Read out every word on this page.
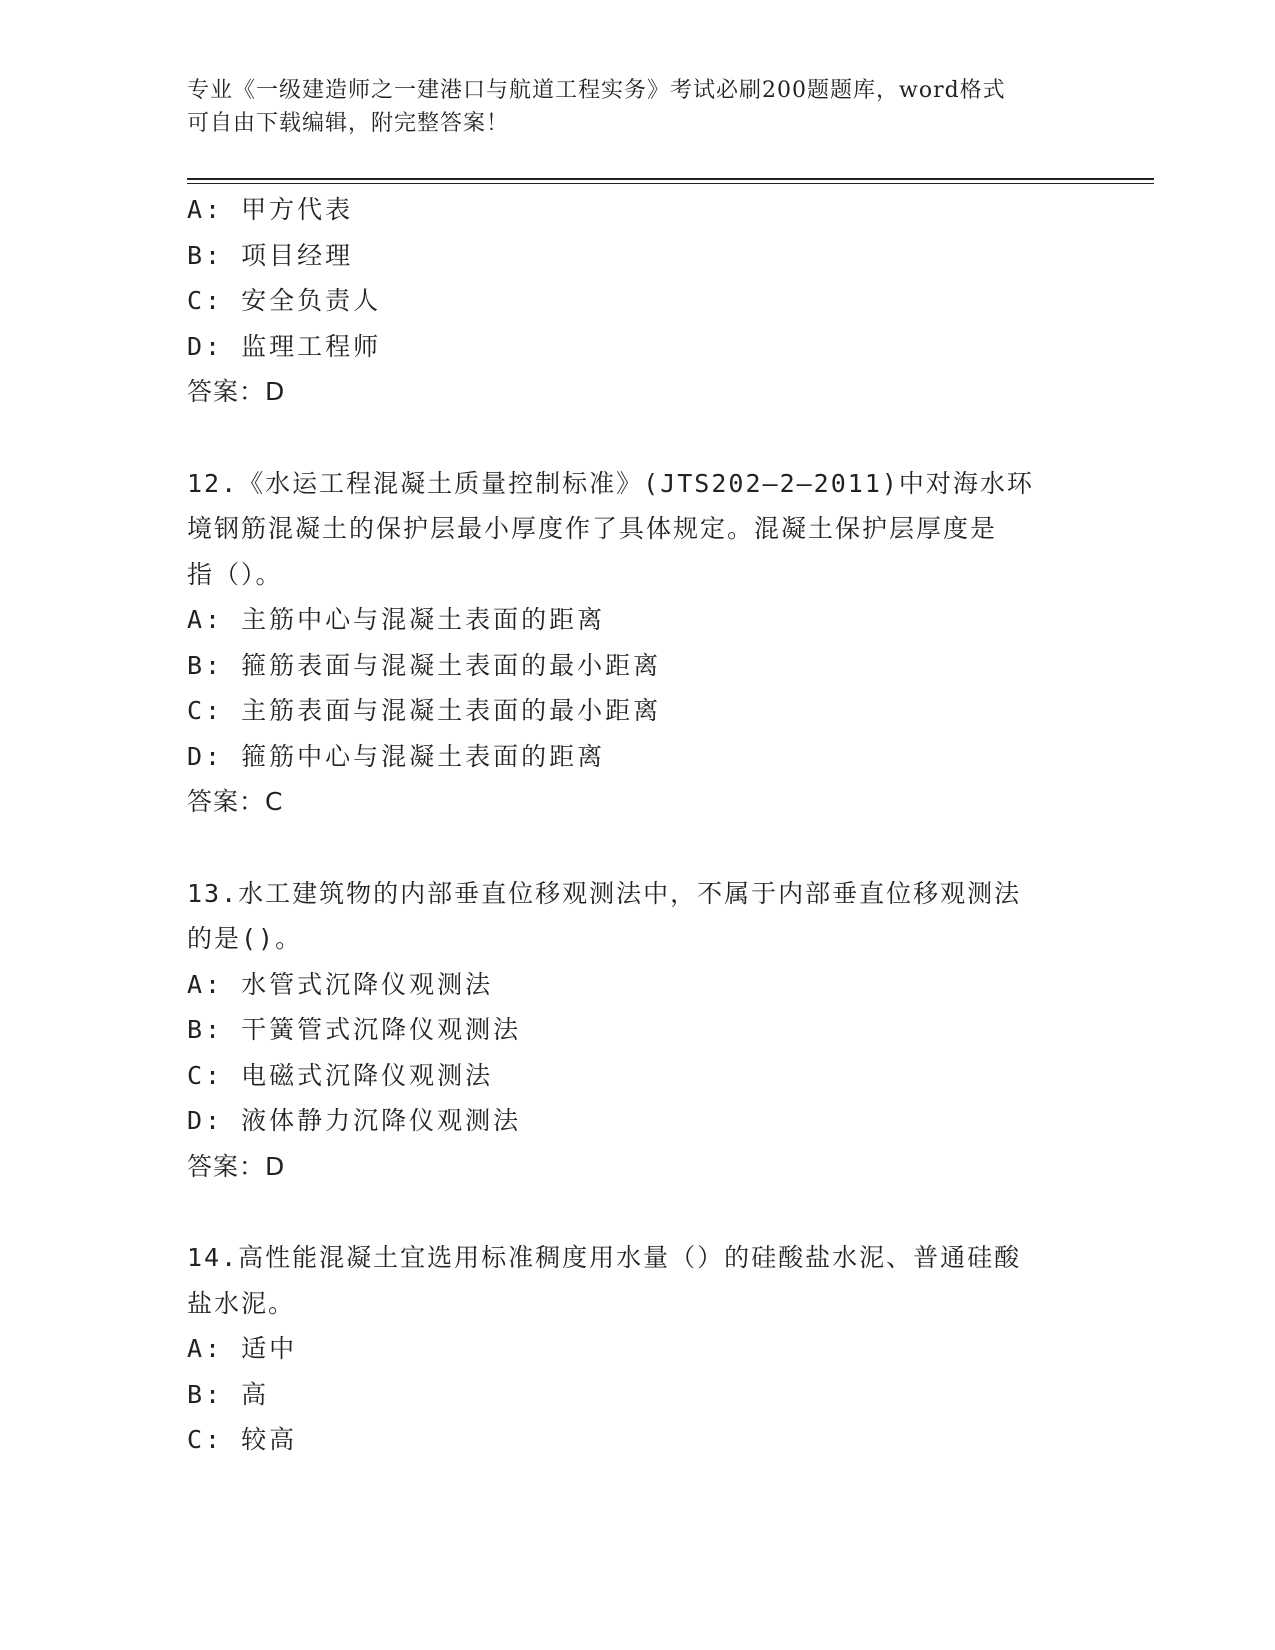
专业《一级建造师之一建港口与航道工程实务》考试必刷200题题库，word格式
可自由下载编辑，附完整答案！
A: 甲方代表
B: 项目经理
C: 安全负责人
D: 监理工程师
答案：D
12.《水运工程混凝土质量控制标准》(JTS202—2—2011)中对海水环
境钢筋混凝土的保护层最小厚度作了具体规定。混凝土保护层厚度是
指（）。
A: 主筋中心与混凝土表面的距离
B: 箍筋表面与混凝土表面的最小距离
C: 主筋表面与混凝土表面的最小距离
D: 箍筋中心与混凝土表面的距离
答案：C
13.水工建筑物的内部垂直位移观测法中，不属于内部垂直位移观测法
的是()。
A: 水管式沉降仪观测法
B: 干簧管式沉降仪观测法
C: 电磁式沉降仪观测法
D: 液体静力沉降仪观测法
答案：D
14.高性能混凝土宜选用标准稠度用水量（）的硅酸盐水泥、普通硅酸
盐水泥。
A: 适中
B: 高
C: 较高
